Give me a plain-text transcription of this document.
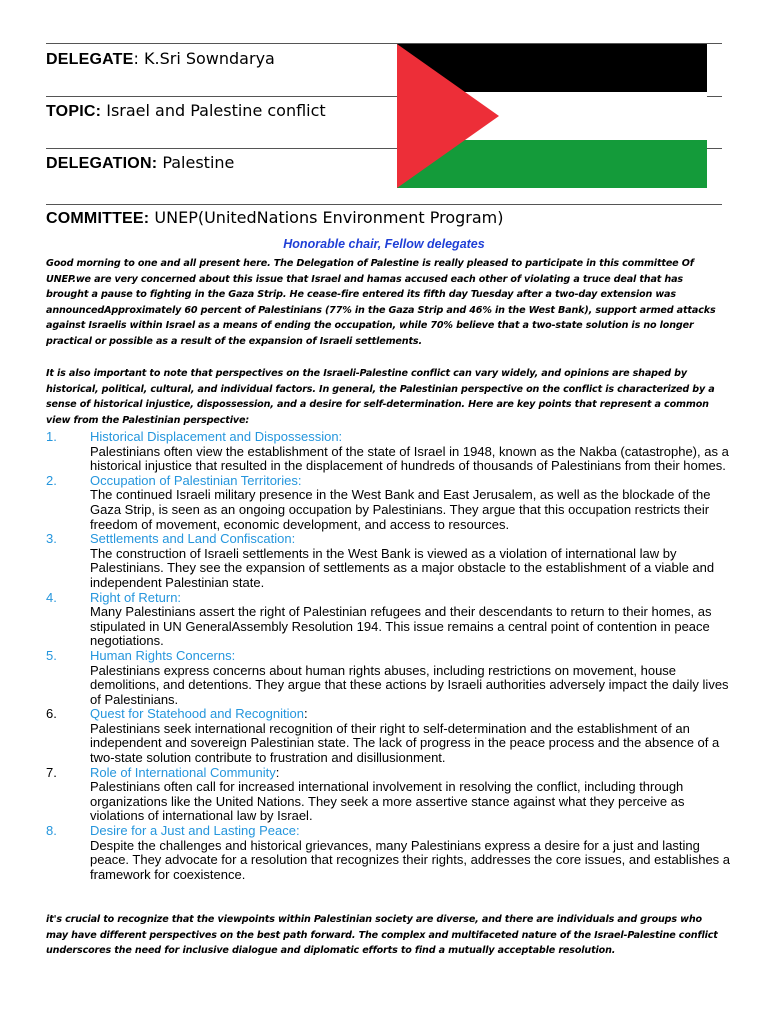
DELEGATE: K.Sri Sowndarya
TOPIC: Israel and Palestine conflict
DELEGATION: Palestine
COMMITTEE: UNEP(UnitedNations Environment Program)
Honorable chair, Fellow delegates
Good morning to one and all present here. The Delegation of Palestine is really pleased to participate in this committee Of UNEP.we are very concerned about this issue that Israel and hamas accused each other of violating a truce deal that has brought a pause to fighting in the Gaza Strip. He cease-fire entered its fifth day Tuesday after a two-day extension was announcedApproximately 60 percent of Palestinians (77% in the Gaza Strip and 46% in the West Bank), support armed attacks against Israelis within Israel as a means of ending the occupation, while 70% believe that a two-state solution is no longer practical or possible as a result of the expansion of Israeli settlements.
It is also important to note that perspectives on the Israeli-Palestine conflict can vary widely, and opinions are shaped by historical, political, cultural, and individual factors. In general, the Palestinian perspective on the conflict is characterized by a sense of historical injustice, dispossession, and a desire for self-determination. Here are key points that represent a common view from the Palestinian perspective:
1.	Historical Displacement and Dispossession:
Palestinians often view the establishment of the state of Israel in 1948, known as the Nakba (catastrophe), as a historical injustice that resulted in the displacement of hundreds of thousands of Palestinians from their homes.
2.	Occupation of Palestinian Territories:
The continued Israeli military presence in the West Bank and East Jerusalem, as well as the blockade of the Gaza Strip, is seen as an ongoing occupation by Palestinians. They argue that this occupation restricts their freedom of movement, economic development, and access to resources.
3.	Settlements and Land Confiscation:
The construction of Israeli settlements in the West Bank is viewed as a violation of international law by Palestinians. They see the expansion of settlements as a major obstacle to the establishment of a viable and independent Palestinian state.
4.	Right of Return:
Many Palestinians assert the right of Palestinian refugees and their descendants to return to their homes, as stipulated in UN GeneralAssembly Resolution 194. This issue remains a central point of contention in peace negotiations.
5.	Human Rights Concerns:
Palestinians express concerns about human rights abuses, including restrictions on movement, house demolitions, and detentions. They argue that these actions by Israeli authorities adversely impact the daily lives of Palestinians.
6.	Quest for Statehood and Recognition:
Palestinians seek international recognition of their right to self-determination and the establishment of an independent and sovereign Palestinian state. The lack of progress in the peace process and the absence of a two-state solution contribute to frustration and disillusionment.
7.	Role of International Community:
Palestinians often call for increased international involvement in resolving the conflict, including through organizations like the United Nations. They seek a more assertive stance against what they perceive as violations of international law by Israel.
8.	Desire for a Just and Lasting Peace:
Despite the challenges and historical grievances, many Palestinians express a desire for a just and lasting peace. They advocate for a resolution that recognizes their rights, addresses the core issues, and establishes a framework for coexistence.
it's crucial to recognize that the viewpoints within Palestinian society are diverse, and there are individuals and groups who may have different perspectives on the best path forward. The complex and multifaceted nature of the Israel-Palestine conflict underscores the need for inclusive dialogue and diplomatic efforts to find a mutually acceptable resolution.
